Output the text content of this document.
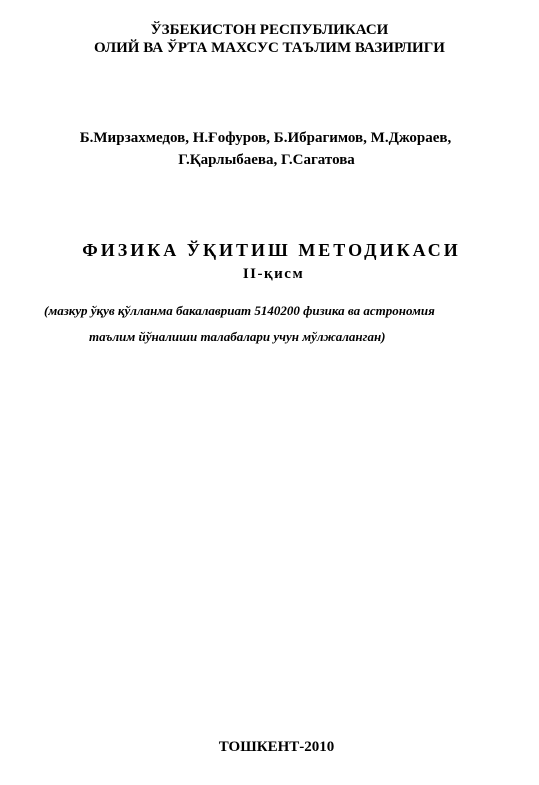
ЎЗБЕКИСТОН РЕСПУБЛИКАСИ
ОЛИЙ ВА ЎРТА МАХСУС ТАЪЛИМ ВАЗИРЛИГИ
Б.Мирзахмедов, Н.Ғофуров, Б.Ибрагимов, М.Джораев,
Г.Қарлыбаева, Г.Сагатова
ФИЗИКА ЎҚИТИШ МЕТОДИКАСИ
II-қисм
(мазкур ўқув қўлланма бакалавриат 5140200 физика ва астрономия
таълим йўналиши талабалари учун мўлжаланган)
ТОШКЕНТ-2010
